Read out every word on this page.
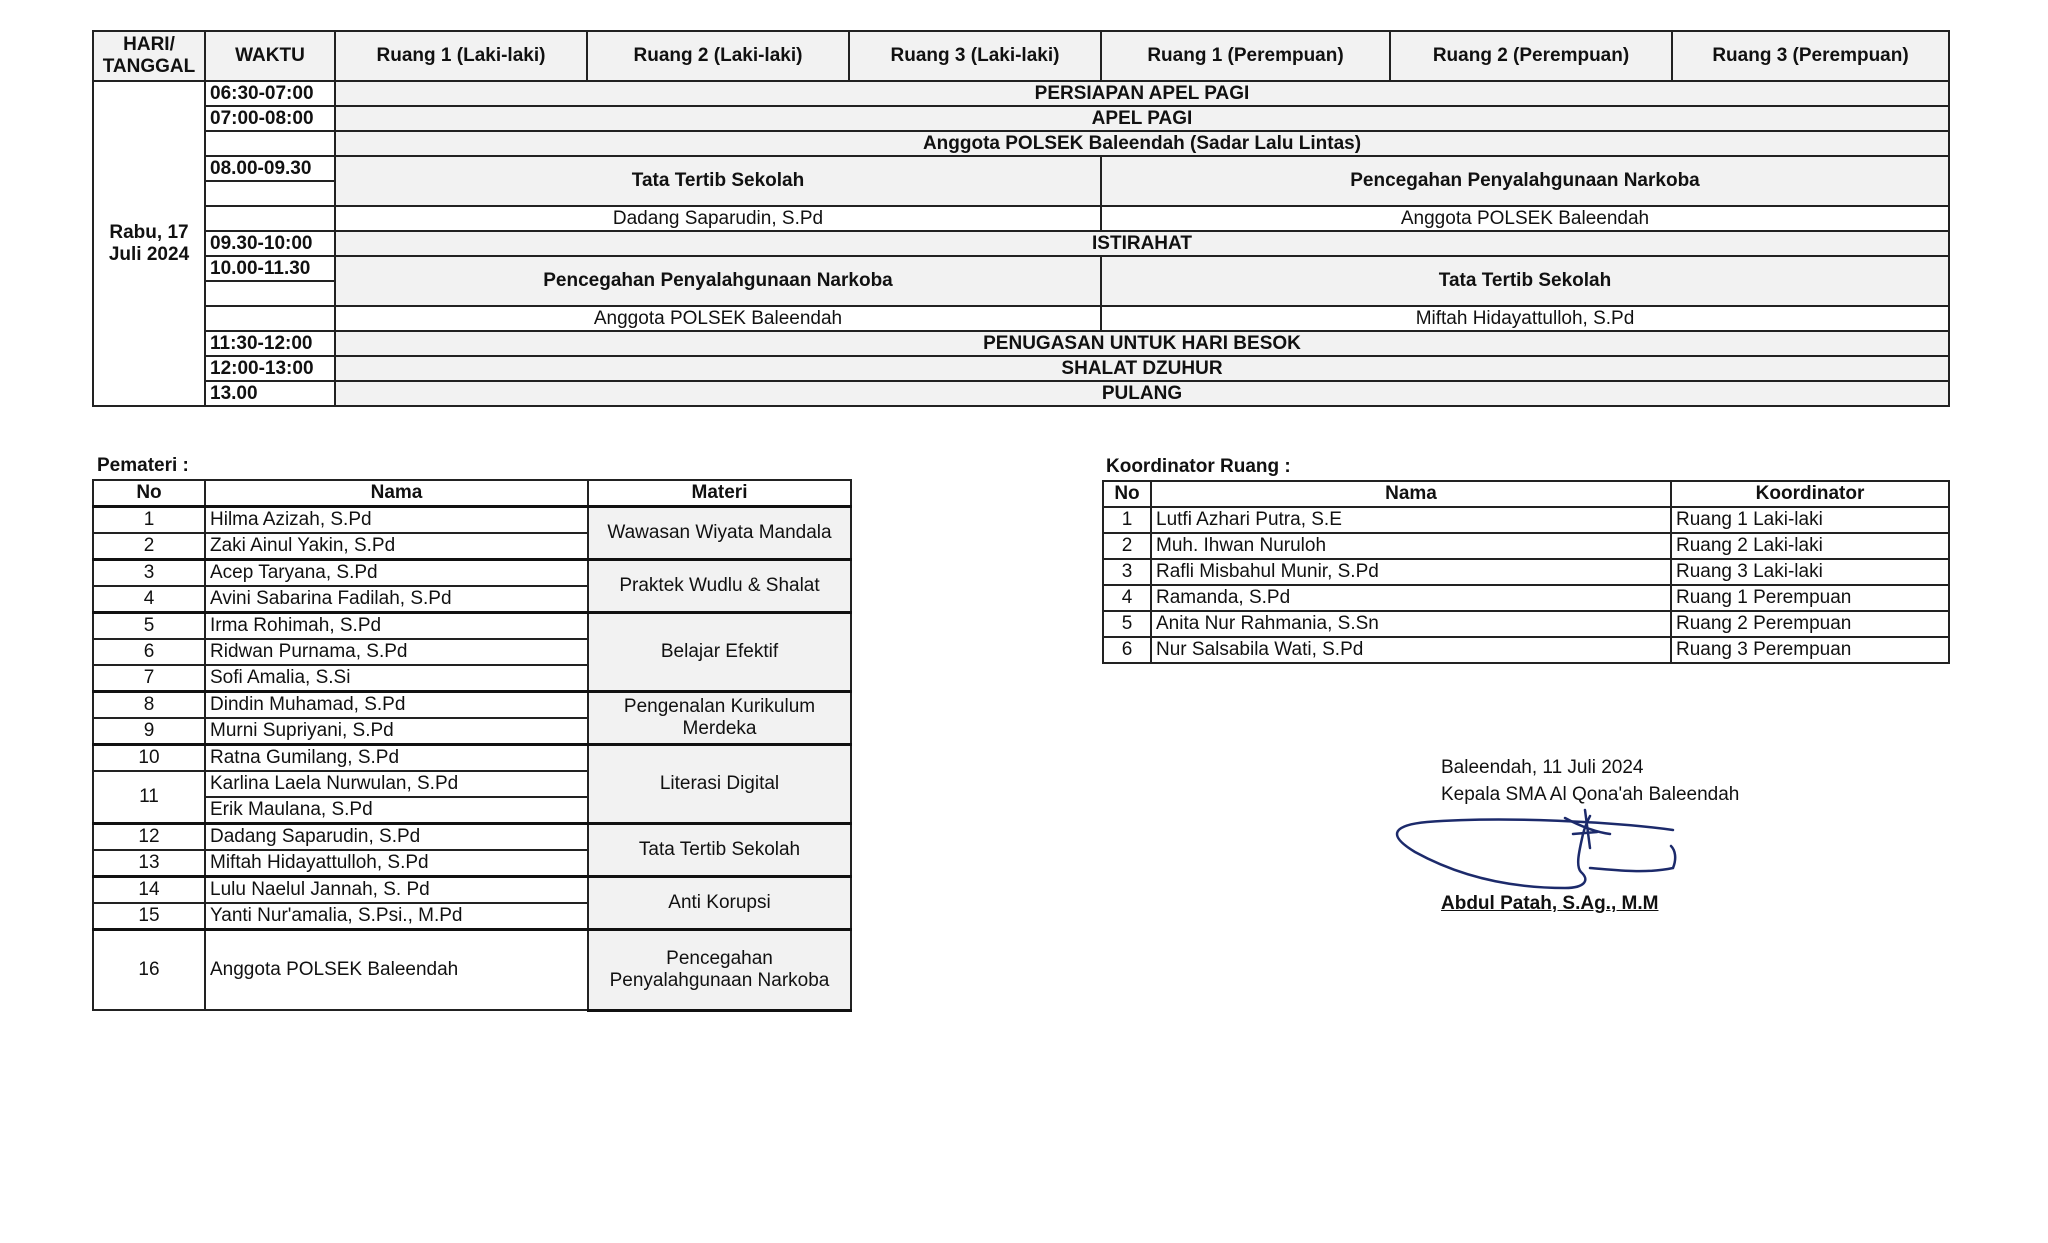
HARI/ TANGGAL	WAKTU	Ruang 1 (Laki-laki)	Ruang 2 (Laki-laki)	Ruang 3 (Laki-laki)	Ruang 1 (Perempuan)	Ruang 2 (Perempuan)	Ruang 3 (Perempuan)
Rabu, 17 Juli 2024	06:30-07:00	PERSIAPAN APEL PAGI					
	07:00-08:00	APEL PAGI					
		Anggota POLSEK Baleendah (Sadar Lalu Lintas)					
	08.00-09.30	Tata Tertib Sekolah			Pencegahan Penyalahgunaan Narkoba		

		Dadang Saparudin, S.Pd			Anggota POLSEK Baleendah		
	09.30-10:00	ISTIRAHAT					
	10.00-11.30	Pencegahan Penyalahgunaan Narkoba			Tata Tertib Sekolah		

		Anggota POLSEK Baleendah			Miftah Hidayattulloh, S.Pd		
	11:30-12:00	PENUGASAN UNTUK HARI BESOK					
	12:00-13:00	SHALAT DZUHUR					
	13.00	PULANG					
Pemateri :
No	Nama	Materi
1	Hilma Azizah, S.Pd	Wawasan Wiyata Mandala
2	Zaki Ainul Yakin, S.Pd	
3	Acep Taryana, S.Pd	Praktek Wudlu & Shalat
4	Avini Sabarina Fadilah, S.Pd	
5	Irma Rohimah, S.Pd	Belajar Efektif
6	Ridwan Purnama, S.Pd	
7	Sofi Amalia, S.Si	
8	Dindin Muhamad, S.Pd	Pengenalan Kurikulum Merdeka
9	Murni Supriyani, S.Pd	
10	Ratna Gumilang, S.Pd	Literasi Digital
11	Karlina Laela Nurwulan, S.Pd	
	Erik Maulana, S.Pd	
12	Dadang Saparudin, S.Pd	Tata Tertib Sekolah
13	Miftah Hidayattulloh, S.Pd	
14	Lulu Naelul Jannah, S. Pd	Anti Korupsi
15	Yanti Nur'amalia, S.Psi., M.Pd	
16	Anggota POLSEK Baleendah	Pencegahan Penyalahgunaan Narkoba
Koordinator Ruang :
No	Nama	Koordinator
1	Lutfi Azhari Putra, S.E	Ruang 1 Laki-laki
2	Muh. Ihwan Nuruloh	Ruang 2 Laki-laki
3	Rafli Misbahul Munir, S.Pd	Ruang 3 Laki-laki
4	Ramanda, S.Pd	Ruang 1 Perempuan
5	Anita Nur Rahmania, S.Sn	Ruang 2 Perempuan
6	Nur Salsabila Wati, S.Pd	Ruang 3 Perempuan
Baleendah, 11 Juli 2024
Kepala SMA Al Qona'ah Baleendah
Abdul Patah, S.Ag., M.M
